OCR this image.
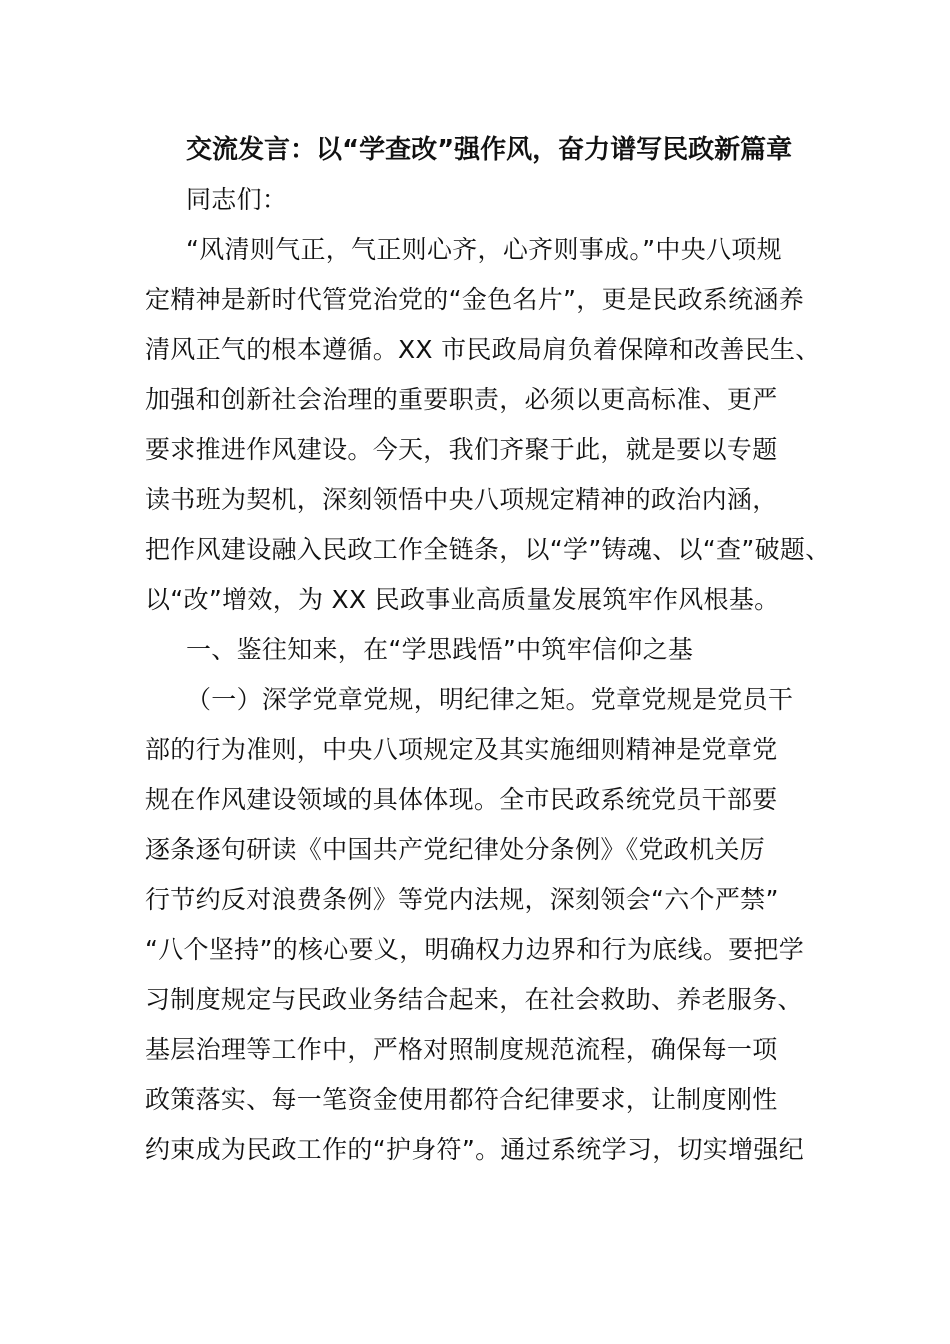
交流发言：以“学查改”强作风，奋力谱写民政新篇章
同志们：
“风清则气正，气正则心齐，心齐则事成。”中央八项规
定精神是新时代管党治党的“金色名片”，更是民政系统涵养
清风正气的根本遵循。XX 市民政局肩负着保障和改善民生、
加强和创新社会治理的重要职责，必须以更高标准、更严
要求推进作风建设。今天，我们齐聚于此，就是要以专题
读书班为契机，深刻领悟中央八项规定精神的政治内涵，
把作风建设融入民政工作全链条，以“学”铸魂、以“查”破题、
以“改”增效，为 XX 民政事业高质量发展筑牢作风根基。
一、鉴往知来，在“学思践悟”中筑牢信仰之基
（一）深学党章党规，明纪律之矩。党章党规是党员干
部的行为准则，中央八项规定及其实施细则精神是党章党
规在作风建设领域的具体体现。全市民政系统党员干部要
逐条逐句研读《中国共产党纪律处分条例》《党政机关厉
行节约反对浪费条例》等党内法规，深刻领会“六个严禁”
“八个坚持”的核心要义，明确权力边界和行为底线。要把学
习制度规定与民政业务结合起来，在社会救助、养老服务、
基层治理等工作中，严格对照制度规范流程，确保每一项
政策落实、每一笔资金使用都符合纪律要求，让制度刚性
约束成为民政工作的“护身符”。通过系统学习，切实增强纪
